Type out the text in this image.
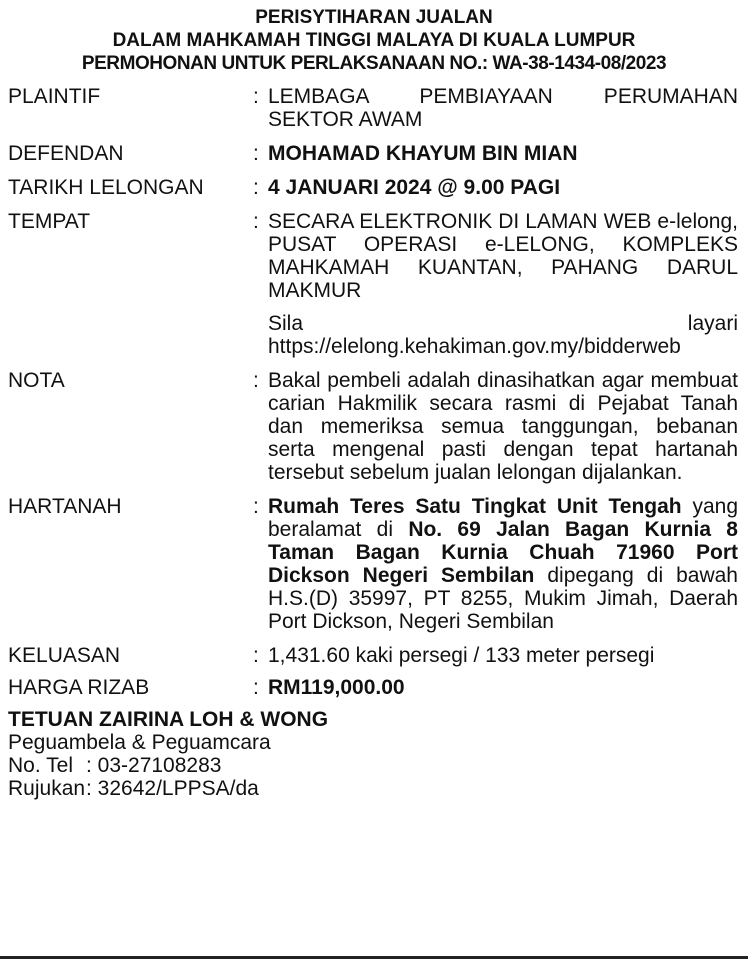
PERISYTIHARAN JUALAN
DALAM MAHKAMAH TINGGI MALAYA DI KUALA LUMPUR
PERMOHONAN UNTUK PERLAKSANAAN NO.: WA-38-1434-08/2023
PLAINTIF	: LEMBAGA PEMBIAYAAN PERUMAHAN SEKTOR AWAM
DEFENDAN	: MOHAMAD KHAYUM BIN MIAN
TARIKH LELONGAN	: 4 JANUARI 2024 @ 9.00 PAGI
TEMPAT	: SECARA ELEKTRONIK DI LAMAN WEB e-lelong, PUSAT OPERASI e-LELONG, KOMPLEKS MAHKAMAH KUANTAN, PAHANG DARUL MAKMUR
Sila layari https://elelong.kehakiman.gov.my/bidderweb
NOTA	: Bakal pembeli adalah dinasihatkan agar membuat carian Hakmilik secara rasmi di Pejabat Tanah dan memeriksa semua tanggungan, bebanan serta mengenal pasti dengan tepat hartanah tersebut sebelum jualan lelongan dijalankan.
HARTANAH	: Rumah Teres Satu Tingkat Unit Tengah yang beralamat di No. 69 Jalan Bagan Kurnia 8 Taman Bagan Kurnia Chuah 71960 Port Dickson Negeri Sembilan dipegang di bawah H.S.(D) 35997, PT 8255, Mukim Jimah, Daerah Port Dickson, Negeri Sembilan
KELUASAN	: 1,431.60 kaki persegi / 133 meter persegi
HARGA RIZAB	: RM119,000.00
TETUAN ZAIRINA LOH & WONG
Peguambela & Peguamcara
No. Tel : 03-27108283
Rujukan : 32642/LPPSA/da
